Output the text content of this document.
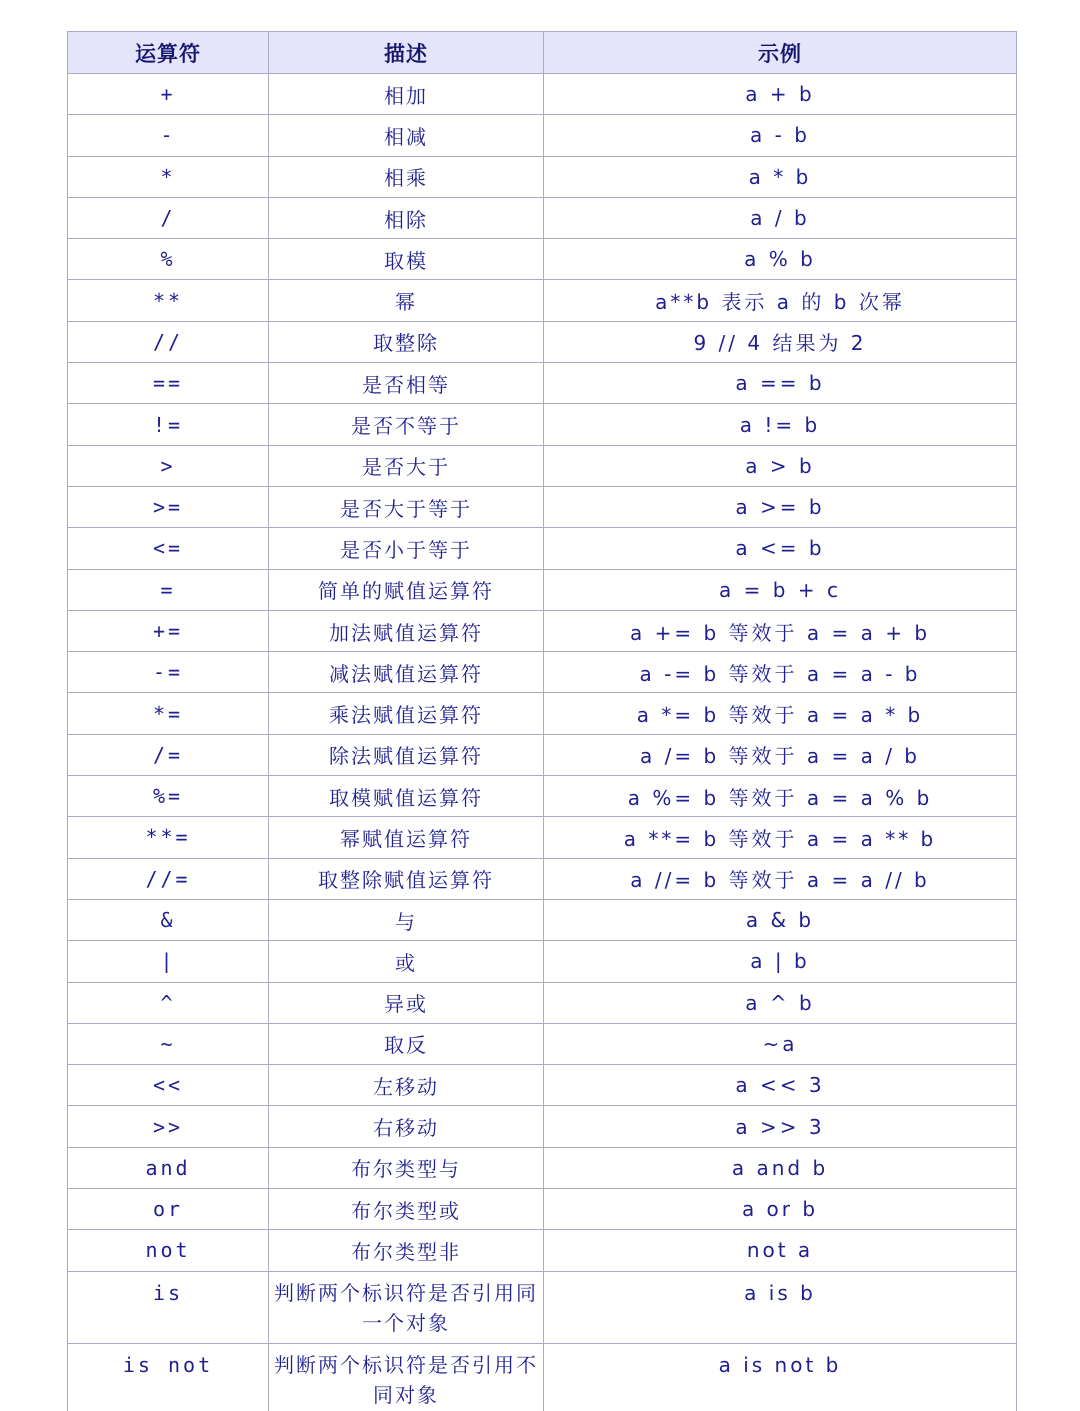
运算符	描述	示例
+	相加	a + b
-	相减	a - b
*	相乘	a * b
/	相除	a / b
%	取模	a % b
**	幂	a**b 表示 a 的 b 次幂
//	取整除	9 // 4 结果为 2
==	是否相等	a == b
!=	是否不等于	a != b
>	是否大于	a > b
>=	是否大于等于	a >= b
<=	是否小于等于	a <= b
=	简单的赋值运算符	a = b + c
+=	加法赋值运算符	a += b 等效于 a = a + b
-=	减法赋值运算符	a -= b 等效于 a = a - b
*=	乘法赋值运算符	a *= b 等效于 a = a * b
/=	除法赋值运算符	a /= b 等效于 a = a / b
%=	取模赋值运算符	a %= b 等效于 a = a % b
**=	幂赋值运算符	a **= b 等效于 a = a ** b
//=	取整除赋值运算符	a //= b 等效于 a = a // b
&	与	a & b
|	或	a | b
^	异或	a ^ b
~	取反	~a
<<	左移动	a << 3
>>	右移动	a >> 3
and	布尔类型与	a and b
or	布尔类型或	a or b
not	布尔类型非	not a
is	判断两个标识符是否引用同一个对象	a is b
is not	判断两个标识符是否引用不同对象	a is not b
